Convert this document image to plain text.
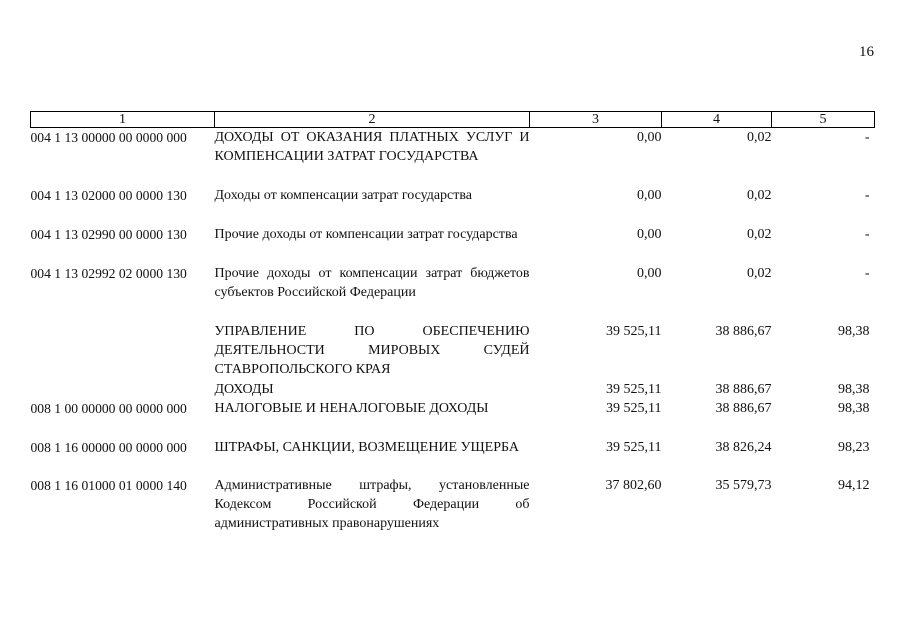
16
1	2	3	4	5
004 1 13 00000 00 0000 000	ДОХОДЫ ОТ ОКАЗАНИЯ ПЛАТНЫХ УСЛУГ И КОМПЕНСАЦИИ ЗАТРАТ ГОСУДАРСТВА	0,00	0,02	-
004 1 13 02000 00 0000 130	Доходы от компенсации затрат государства	0,00	0,02	-
004 1 13 02990 00 0000 130	Прочие доходы от компенсации затрат государства	0,00	0,02	-
004 1 13 02992 02 0000 130	Прочие доходы от компенсации затрат бюджетов субъектов Российской Федерации	0,00	0,02	-
	УПРАВЛЕНИЕ ПО ОБЕСПЕЧЕНИЮ ДЕЯТЕЛЬНОСТИ МИРОВЫХ СУДЕЙ СТАВРОПОЛЬСКОГО КРАЯ	39 525,11	38 886,67	98,38
	ДОХОДЫ	39 525,11	38 886,67	98,38
008 1 00 00000 00 0000 000	НАЛОГОВЫЕ И НЕНАЛОГОВЫЕ ДОХОДЫ	39 525,11	38 886,67	98,38
008 1 16 00000 00 0000 000	ШТРАФЫ, САНКЦИИ, ВОЗМЕЩЕНИЕ УЩЕРБА	39 525,11	38 826,24	98,23
008 1 16 01000 01 0000 140	Административные штрафы, установленные Кодексом Российской Федерации об административных правонарушениях	37 802,60	35 579,73	94,12
